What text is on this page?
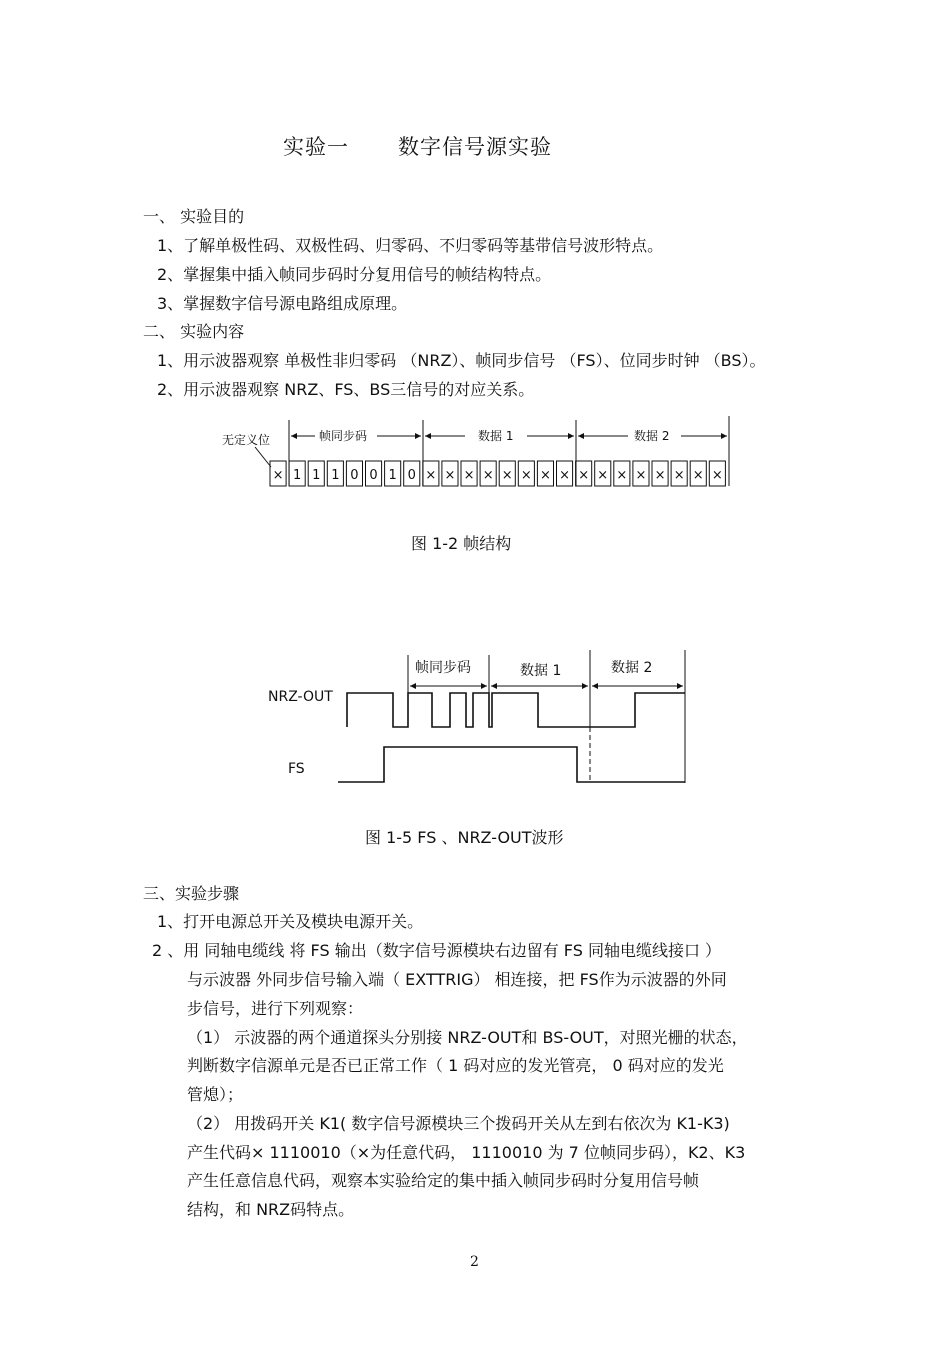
实验一 数字信号源实验
一、 实验目的
1、了解单极性码、双极性码、归零码、不归零码等基带信号波形特点。
2、掌握集中插入帧同步码时分复用信号的帧结构特点。
3、掌握数字信号源电路组成原理。
二、 实验内容
1、用示波器观察 单极性非归零码 （NRZ）、帧同步信号 （FS）、位同步时钟 （BS）。
2、用示波器观察 NRZ、FS、BS三信号的对应关系。
无定义位	帧同步码	数据 1	数据 2
× 1 1 1 0 0 1 0 × × × × × × × × × × × × × × × ×
图 1-2 帧结构
帧同步码	数据 1	数据 2
NRZ-OUT
FS
图 1-5 FS 、NRZ-OUT波形
三、实验步骤
1、打开电源总开关及模块电源开关。
2 、用 同轴电缆线 将 FS 输出（数字信号源模块右边留有 FS 同轴电缆线接口 ）
与示波器 外同步信号输入端（ EXTTRIG） 相连接，把 FS作为示波器的外同
步信号，进行下列观察：
（1） 示波器的两个通道探头分别接 NRZ-OUT和 BS-OUT，对照光栅的状态，
判断数字信源单元是否已正常工作（ 1 码对应的发光管亮， 0 码对应的发光
管熄）；
（2） 用拨码开关 K1( 数字信号源模块三个拨码开关从左到右依次为 K1-K3)
产生代码× 1110010（×为任意代码， 1110010 为 7 位帧同步码），K2、K3
产生任意信息代码，观察本实验给定的集中插入帧同步码时分复用信号帧
结构，和 NRZ码特点。
2
